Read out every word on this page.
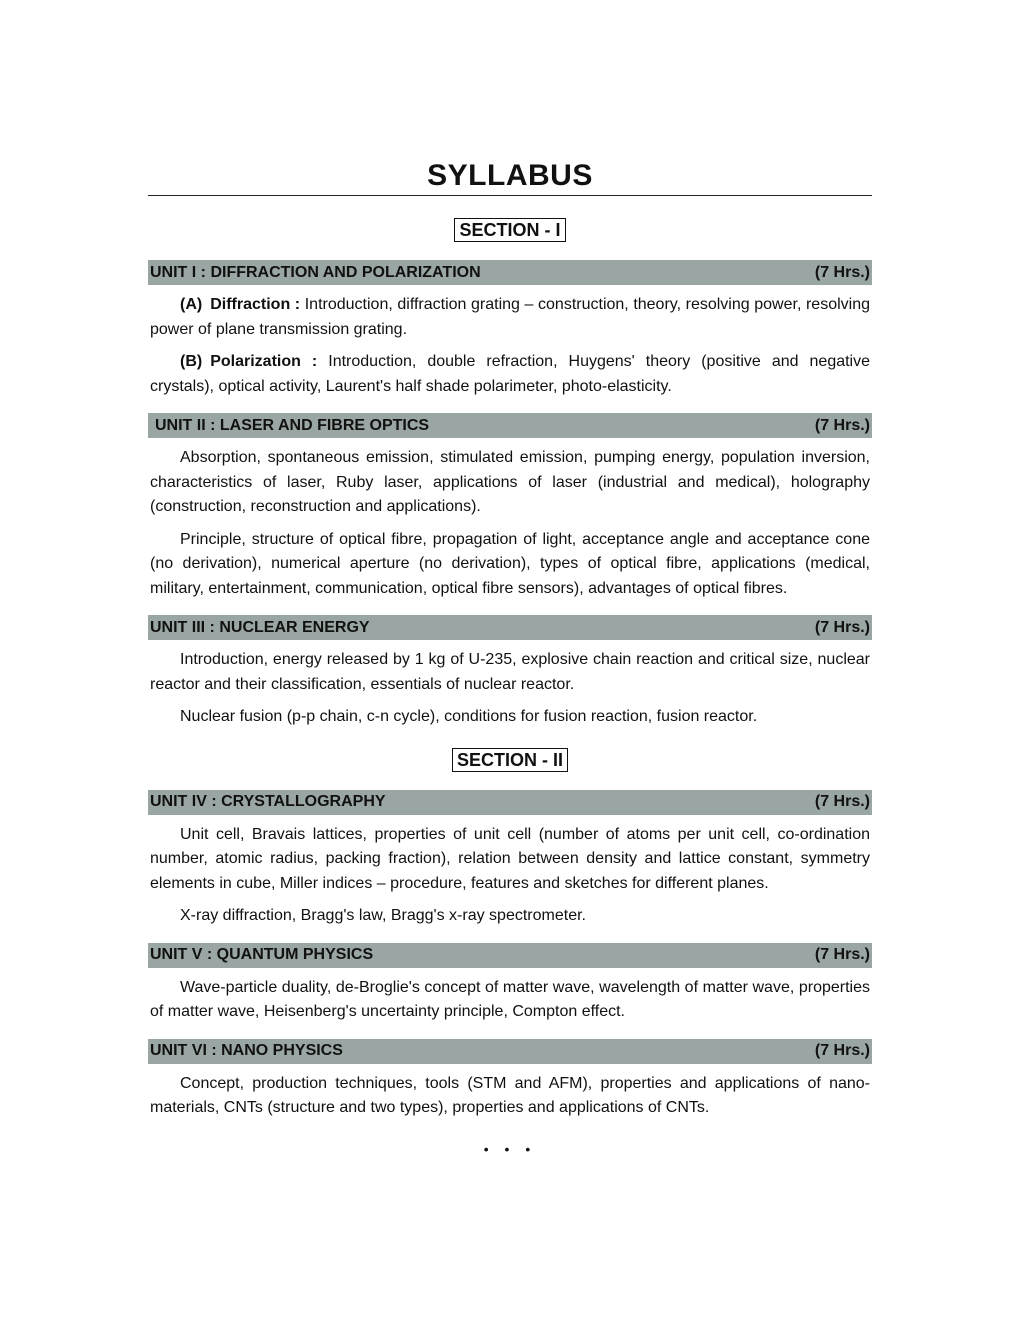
SYLLABUS
SECTION - I
UNIT I : DIFFRACTION AND POLARIZATION	(7 Hrs.)

(A) Diffraction : Introduction, diffraction grating – construction, theory, resolving power, resolving power of plane transmission grating.

(B) Polarization : Introduction, double refraction, Huygens' theory (positive and negative crystals), optical activity, Laurent's half shade polarimeter, photo-elasticity.

UNIT II : LASER AND FIBRE OPTICS	(7 Hrs.)

Absorption, spontaneous emission, stimulated emission, pumping energy, population inversion, characteristics of laser, Ruby laser, applications of laser (industrial and medical), holography (construction, reconstruction and applications).

Principle, structure of optical fibre, propagation of light, acceptance angle and acceptance cone (no derivation), numerical aperture (no derivation), types of optical fibre, applications (medical, military, entertainment, communication, optical fibre sensors), advantages of optical fibres.

UNIT III : NUCLEAR ENERGY	(7 Hrs.)

Introduction, energy released by 1 kg of U-235, explosive chain reaction and critical size, nuclear reactor and their classification, essentials of nuclear reactor.

Nuclear fusion (p-p chain, c-n cycle), conditions for fusion reaction, fusion reactor.

SECTION - II
UNIT IV : CRYSTALLOGRAPHY	(7 Hrs.)

Unit cell, Bravais lattices, properties of unit cell (number of atoms per unit cell, co-ordination number, atomic radius, packing fraction), relation between density and lattice constant, symmetry elements in cube, Miller indices – procedure, features and sketches for different planes.

X-ray diffraction, Bragg's law, Bragg's x-ray spectrometer.

UNIT V : QUANTUM PHYSICS	(7 Hrs.)

Wave-particle duality, de-Broglie's concept of matter wave, wavelength of matter wave, properties of matter wave, Heisenberg's uncertainty principle, Compton effect.

UNIT VI : NANO PHYSICS	(7 Hrs.)

Concept, production techniques, tools (STM and AFM), properties and applications of nano-materials, CNTs (structure and two types), properties and applications of CNTs.

• • •
